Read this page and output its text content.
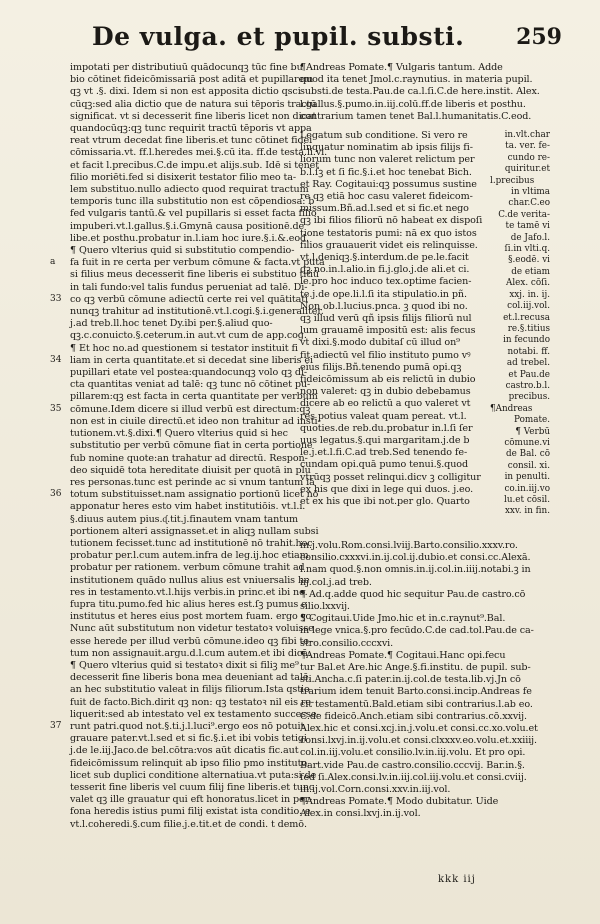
De vulga. et pupil. substi. 259
a
33
34
35
36
37
impotati per distributiuū quādocunqꝫ tūc fine bu
bio cōtinet fideicōmissariā post aditā et pupillarem
qꝫ vt .§. dixi. Idem si non est apposita dictio qsci
cūqꝫ:sed alia dictio que de natura sui tēporis tractū
significat. vt si decesserit fine liberis licet non dicat
quandocūqꝫ:qꝫ tunc requirit tractū tēporis vt appa
reat vtrum decedat fine liberis.et tunc cōtinet fidei
cōmissaria.vt. ff.l.heredes mei.§.cū ita. ff.de testa.li.vi.
et facit l.precibus.C.de impu.et alijs.sub. Idē si tenet
filio moriēti.fed si disixerit testator filio meo ta-
lem substituo.nullo adiecto quod requirat tractum
temporis tunc illa substitutio non est cōpendiosa: b
fed vulgaris tantū.& vel pupillaris si esset facta filio
impuberi.vt.l.gallus.§.i.Gmynā causa positionē.de
libe.et posthu.probatur in.l.iam hoc iure.§.i.&.eod.
¶ Quero vlterius quid si substitutio compendio-
fa fuit in re certa per verbum cōmune & facta.vt puta
si filius meus decesserit fine liberis ei substituo titiū
in tali fundo:vel talis fundus perueniat ad talē. Di-
co qꝫ verbū cōmune adiectū certe rei vel quātitati
nunqꝫ trahitur ad institutionē.vt.l.cogi.§.i.generaliter.
j.ad treb.ll.hoc tenet Dy.ibi per.§.aliud quo-
qꝫ.c.conuicto.§.ceterum.in aut.vt cum de app.cog.
¶ Et hoc no.ad questionem si testator instituit fi
liam in certa quantitate.et si decedat sine liberis ei
pupillari etate vel postea:quandocunqꝫ volo qꝫ di-
cta quantitas veniat ad talē: qꝫ tunc nō cōtinet pu-
pillarem:qꝫ est facta in certa quantitate per verbum
cōmune.Idem dicere si illud verbū est directum:qꝫ
non est in ciuile directū.et ideo non trahitur ad insti-
tutionem.vt.§.dixi.¶ Quero vlterius quid si hec
substitutio per verbū cōmune fiat in certa portione
fub nomine quote:an trahatur ad directū. Respon-
deo siquidē tota hereditate diuisit per quotā in plu
res personas.tunc est perinde ac si vnum tantum iā
totum substituisset.nam assignatio portionū licet nō
apponatur heres esto vim habet institutiōis. vt.l.i.
§.diuus autem pius.ᶑ.tit.j.finautem vnam tantum
portionem alteri assignasset.et in aliqꝫ nullam subsi
tutionem fecisset.tunc ad institutionē nō trahit.hoc
probatur per.l.cum autem.infra de leg.ij.hoc etiam
probatur per rationem. verbum cōmune trahit ad
institutionem quādo nullus alius est vniuersalis he
res in testamento.vt.l.hijs verbis.in princ.et ibi no.
fupra titu.pumo.fed hic alius heres est.ſꝫ pumus e
institutus et heres eius post mortem fuam. ergo ꝫc.
Nunc aūt substitutum non videtur testatoꝛ voluisse
esse herede per illud verbū cōmune.ideo qꝫ fibi to-
tum non assignauit.argu.d.l.cum autem.et ibi dicā.
¶ Quero vlterius quid si testatoꝛ dixit si filiꝫ me⁹
decesserit fine liberis bona mea deueniant ad talē.
an hec substitutio valeat in filijs filiorum.Ista qstio
fuit de facto.Bich.dirit qꝫ non: qꝫ testatoꝛ nil eis re-
liquerit:sed ab intestato vel ex testamento successe-
runt patri.quod not.§.ti.j.l.luci⁹.ergo eos nō potuit
grauare pater.vt.l.sed et si fic.§.i.et ibi vobis tetigi
j.de le.iij.Jaco.de bel.cōtra:vos aūt dicatis fic.aut
fideicōmissum relinquit ab ipso filio pmo instituto.
licet sub duplici conditione alternatiua.vt puta:si de
tesserit fine liberis vel cuum filij fine liberis.et tunc
valet qꝫ ille grauatur qui eft honoratus.licet in per-
fona heredis istius pumi filij existat ista conditio. e
vt.l.coheredi.§.cum filie.j.e.tit.et de condi. t demō.
¶Andreas Pomate.¶ Vulgaris tantum. Adde
quod ita tenet Jmol.c.raynutius. in materia pupil.
substi.de testa.Pau.de ca.l.ſi.C.de here.instit. Alex.
l.gallus.§.pumo.in.iij.colū.ff.de liberis et posthu.
contrarium tamen tenet Bal.l.humanitatis.C.eod.
Legatum sub conditione. Si vero re
linquatur nominatim ab ipsis filijs fi-
liorum tunc non valeret relictum per
b.l.ſꝫ et ſi fic.§.i.et hoc tenebat Bich.
et Ray. Cogitaui:qꝫ possumus sustine
re qꝫ etiā hoc casu valeret fideicom-
missum.Bñ.ad.l.sed et si fic.et nego
qꝫ ibi filios filiorū nō habeat ex dispoſi
tione testatoris pumi: nā ex quo istos
filios grauauerit videt eis relinquisse.
vt.l.deniqꝫ.§.interdum.de pe.le.facit
qꝫ no.in.l.alio.in fi.j.glo.j.de ali.et ci.
le.pro hoc induco tex.optime facien-
te.j.de ope.li.l.ſi ita stipulatio.in pñ.
Non ob.l.lucius.pnca. ꝫ quod ibi no.
qꝫ illud verū qñ ipsis filijs filiorū nul
lum grauamē impositū est: alis fecus
vt dixi.§.modo dubitaſ cū illud on⁹
fit adiectū vel filio instituto pumo vꝰ
eius filijs.Bñ.tenendo pumā opi.qꝫ
fideicōmissum ab eis relictū in dubio
non valeret: qꝫ in dubio debebamus
dicere ab eo relictū a quo valeret vt
res potius valeat quam pereat. vt.l.
quoties.de reb.du.probatur in.l.ſi ſer
uus legatus.§.qui margaritam.j.de b
le.j.et.l.fi.C.ad treb.Sed tenendo fe-
cundam opi.quā pumo tenui.§.quod
vtrūqꝫ posset relinqui.dicv ꝫ colligitur
ex his que dixi in lege qui duos. j.eo.
et ex his que ibi not.per glo. Quarto
in.vlt.char
ta. ver. fe-
cundo re-
quiritur.et
l.precibus
in vltima
char.C.eo
C.de verita-
te tamē vi
de Jafo.l.
ſi.in vlti.q.
§.eodē. vi
de etiam
Alex. cōſi.
xxj. in. ij.
col.iij.vol.
et.l.recusa
re.§.titius
in fecundo
notabi. ff.
ad trebel.
et Pau.de
castro.b.l.
precibus.
¶Andreas
Pomate.
¶ Verbū
cōmune.vi
de Bal. cō
consil. xi.
in penulti.
co.in.iij.vo
lu.et cōsil.
xxv. in fin.
in.j.volu.Rom.consi.lviij.Barto.consilio.xxxv.ro.
consilio.cxxxvi.in.ij.col.ij.dubio.et consi.cc.Alexā.
l.nam quod.§.non omnis.in.ij.col.in.iiij.notabi.ꝫ in
iij.col.j.ad treb.
¶ Ad.q.adde quod hic sequitur Pau.de castro.cō
silio.lxxvij.
¶ Cogitaui.Uide Jmo.hic et in.c.raynut⁹.Bal.
in lege vnica.§.pro fecūdo.C.de cad.tol.Pau.de ca-
stro.consilio.cccxvi.
¶Andreas Pomate.¶ Cogitaui.Hanc opi.fecu
tur Bal.et Are.hic Ange.§.fi.institu. de pupil. sub-
sti.Ancha.c.ſi pater.in.ij.col.de testa.lib.vj.Jn cō
trarium idem tenuit Barto.consi.incip.Andreas fe
cit testamentū.Bald.etiam sibi contrarius.l.ab eo.
C.de fideicō.Anch.etiam sibi contrarius.cō.xxvij.
Alex.hic et consi.xcj.in.j.volu.et consi.cc.xo.volu.et
consi.lxvj.in.ij.volu.et consi.clxxxv.eo.volu.et.xxiiij.
col.in.iij.volu.et consilio.lv.in.iij.volu. Et pro opi.
Bart.vide Pau.de castro.consilio.cccvij. Bar.in.§.
fed ſi.Alex.consi.lv.in.iij.col.iij.volu.et consi.cviij.
in.ij.vol.Corn.consi.xxv.in.iij.vol.
¶Andreas Pomate.¶ Modo dubitatur. Uide
Alex.in consi.lxvj.in.ij.vol.
kkk iij
